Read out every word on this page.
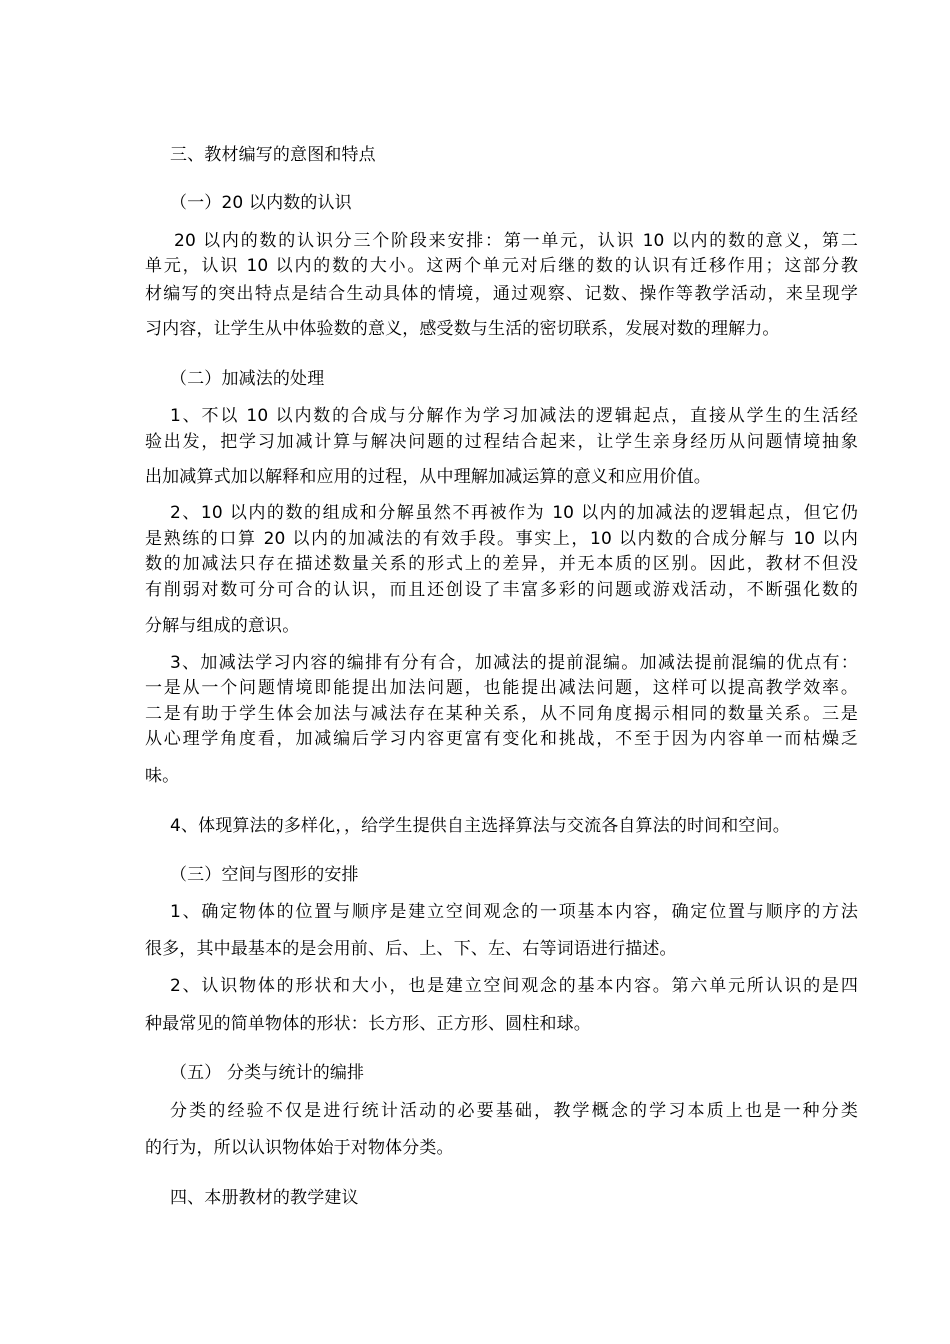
三、教材编写的意图和特点
（一）20 以内数的认识
20 以内的数的认识分三个阶段来安排：第一单元，认识 10 以内的数的意义，第二
单元，认识 10 以内的数的大小。这两个单元对后继的数的认识有迁移作用；这部分教
材编写的突出特点是结合生动具体的情境，通过观察、记数、操作等教学活动，来呈现学
习内容，让学生从中体验数的意义，感受数与生活的密切联系，发展对数的理解力。
（二）加减法的处理
1、不以 10 以内数的合成与分解作为学习加减法的逻辑起点，直接从学生的生活经
验出发，把学习加减计算与解决问题的过程结合起来，让学生亲身经历从问题情境抽象
出加减算式加以解释和应用的过程，从中理解加减运算的意义和应用价值。
2、10 以内的数的组成和分解虽然不再被作为 10 以内的加减法的逻辑起点，但它仍
是熟练的口算 20 以内的加减法的有效手段。事实上，10 以内数的合成分解与 10 以内
数的加减法只存在描述数量关系的形式上的差异，并无本质的区别。因此，教材不但没
有削弱对数可分可合的认识，而且还创设了丰富多彩的问题或游戏活动，不断强化数的
分解与组成的意识。
3、加减法学习内容的编排有分有合，加减法的提前混编。加减法提前混编的优点有：
一是从一个问题情境即能提出加法问题，也能提出减法问题，这样可以提高教学效率。
二是有助于学生体会加法与减法存在某种关系，从不同角度揭示相同的数量关系。三是
从心理学角度看，加减编后学习内容更富有变化和挑战，不至于因为内容单一而枯燥乏
味。
4、体现算法的多样化，，给学生提供自主选择算法与交流各自算法的时间和空间。
（三）空间与图形的安排
1、确定物体的位置与顺序是建立空间观念的一项基本内容，确定位置与顺序的方法
很多，其中最基本的是会用前、后、上、下、左、右等词语进行描述。
2、认识物体的形状和大小，也是建立空间观念的基本内容。第六单元所认识的是四
种最常见的简单物体的形状：长方形、正方形、圆柱和球。
（五） 分类与统计的编排
分类的经验不仅是进行统计活动的必要基础，教学概念的学习本质上也是一种分类
的行为，所以认识物体始于对物体分类。
四、本册教材的教学建议
